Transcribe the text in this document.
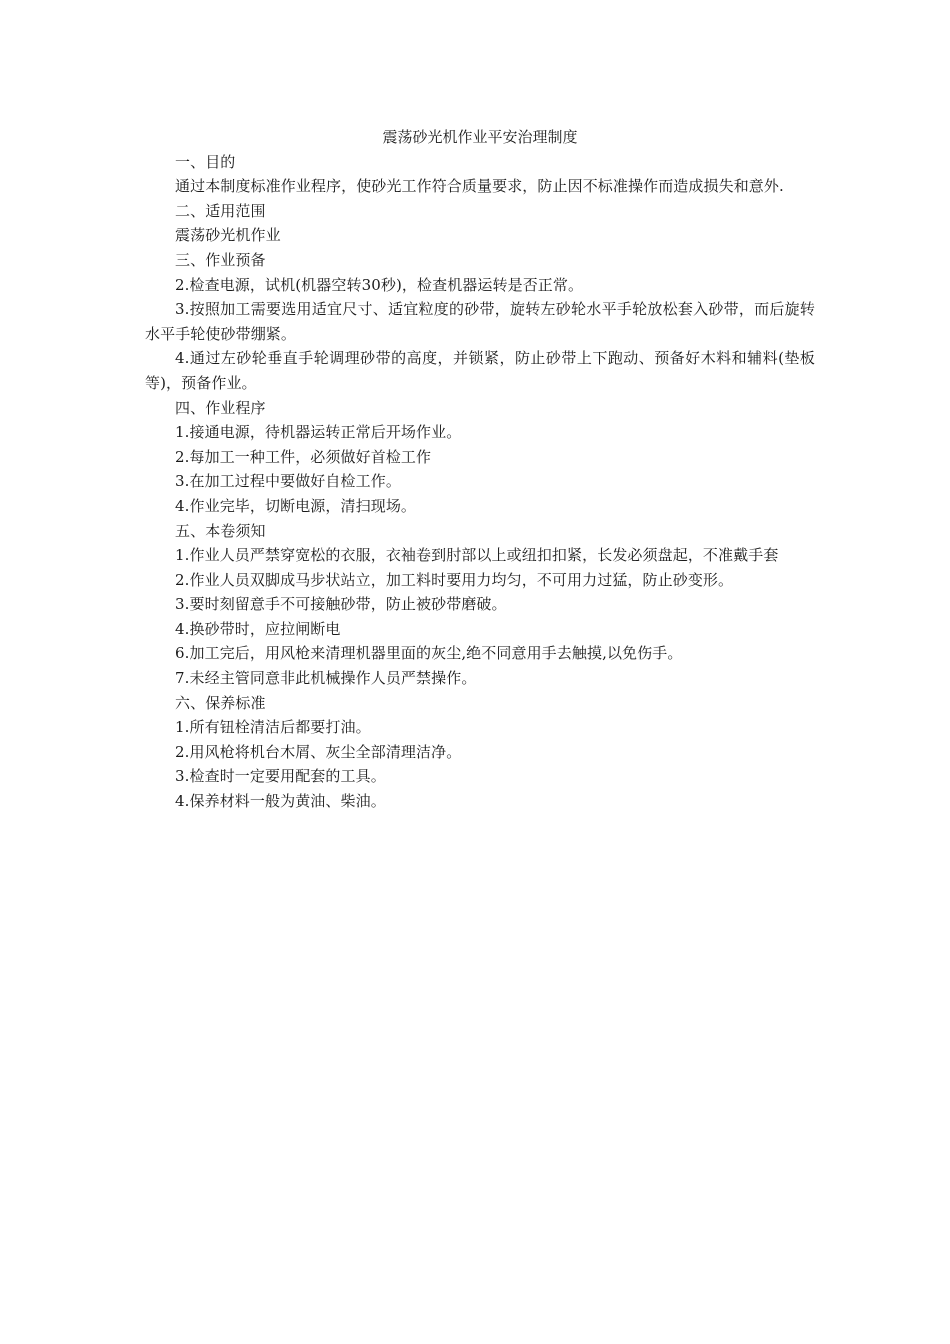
震荡砂光机作业平安治理制度

一、目的

通过本制度标准作业程序，使砂光工作符合质量要求，防止因不标准操作而造成损失和意外.

二、适用范围

震荡砂光机作业

三、作业预备

2.检查电源，试机(机器空转30秒)，检查机器运转是否正常。

3.按照加工需要选用适宜尺寸、适宜粒度的砂带，旋转左砂轮水平手轮放松套入砂带，而后旋转水平手轮使砂带绷紧。

4.通过左砂轮垂直手轮调理砂带的高度，并锁紧，防止砂带上下跑动、预备好木料和辅料(垫板等)，预备作业。

四、作业程序

1.接通电源，待机器运转正常后开场作业。

2.每加工一种工件，必须做好首检工作

3.在加工过程中要做好自检工作。

4.作业完毕，切断电源，清扫现场。

五、本卷须知

1.作业人员严禁穿宽松的衣服，衣袖卷到肘部以上或纽扣扣紧，长发必须盘起，不准戴手套

2.作业人员双脚成马步状站立，加工料时要用力均匀，不可用力过猛，防止砂变形。

3.要时刻留意手不可接触砂带，防止被砂带磨破。

4.换砂带时，应拉闸断电

6.加工完后，用风枪来清理机器里面的灰尘,绝不同意用手去触摸,以免伤手。

7.未经主管同意非此机械操作人员严禁操作。

六、保养标准

1.所有钮栓清洁后都要打油。

2.用风枪将机台木屑、灰尘全部清理洁净。

3.检查时一定要用配套的工具。

4.保养材料一般为黄油、柴油。
